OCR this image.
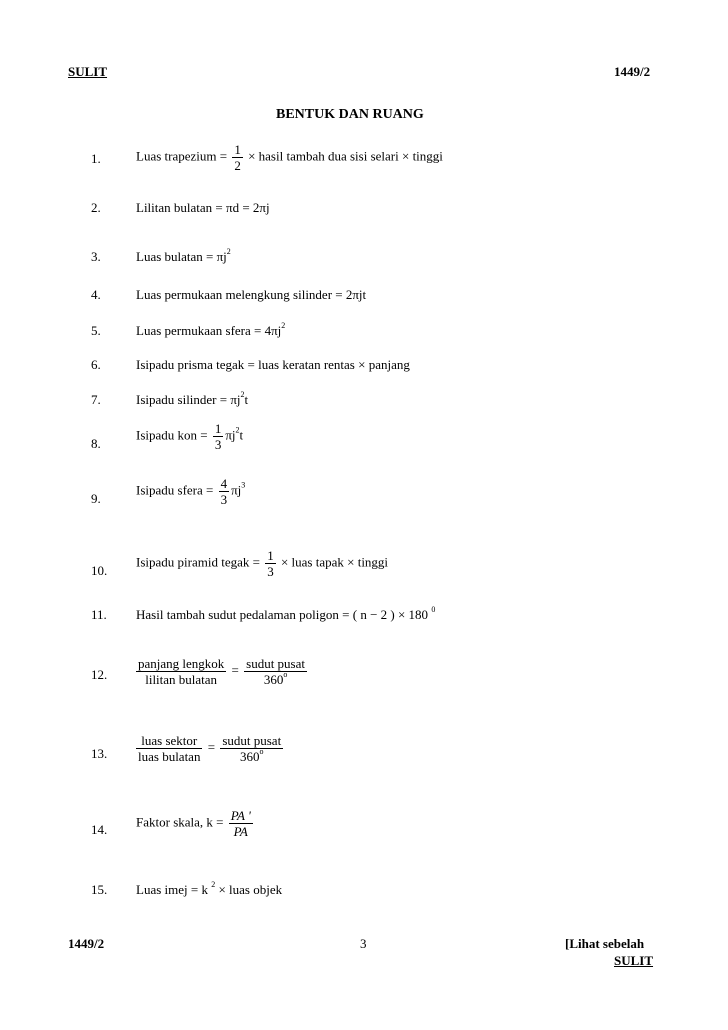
SULIT	1449/2
BENTUK DAN RUANG
1.	Luas trapezium = $\frac{1}{2}$ × hasil tambah dua sisi selari × tinggi
2.	Lilitan bulatan = πd = 2πj
3.	Luas bulatan = $\pi j^2$
4.	Luas permukaan melengkung silinder = 2πjt
5.	Luas permukaan sfera = $4\pi j^2$
6.	Isipadu prisma tegak = luas keratan rentas × panjang
7.	Isipadu silinder = $\pi j^2t$
8.
Isipadu kon = $\frac{1}{3} \pi j^2t$
9.
Isipadu sfera = $\frac{4}{3} \pi j^3$
10.
Isipadu piramid tegak = $\frac{1}{3}$ × luas tapak × tinggi
11. Hasil tambah sudut pedalaman poligon = ( n − 2 ) × 180 $^0$
12. $\frac{\text{panjang lengkok}}{\text{lilitan bulatan}} = \frac{\text{sudut pusat}}{360^o}$
13. $\frac{\text{luas sektor}}{\text{luas bulatan}} = \frac{\text{sudut pusat}}{360^o}$
14.
Faktor skala, $k = \frac{PA '}{PA}$
15. Luas imej = k $^2$ × luas objek
1449/2	3	[Lihat sebelah
SULIT
